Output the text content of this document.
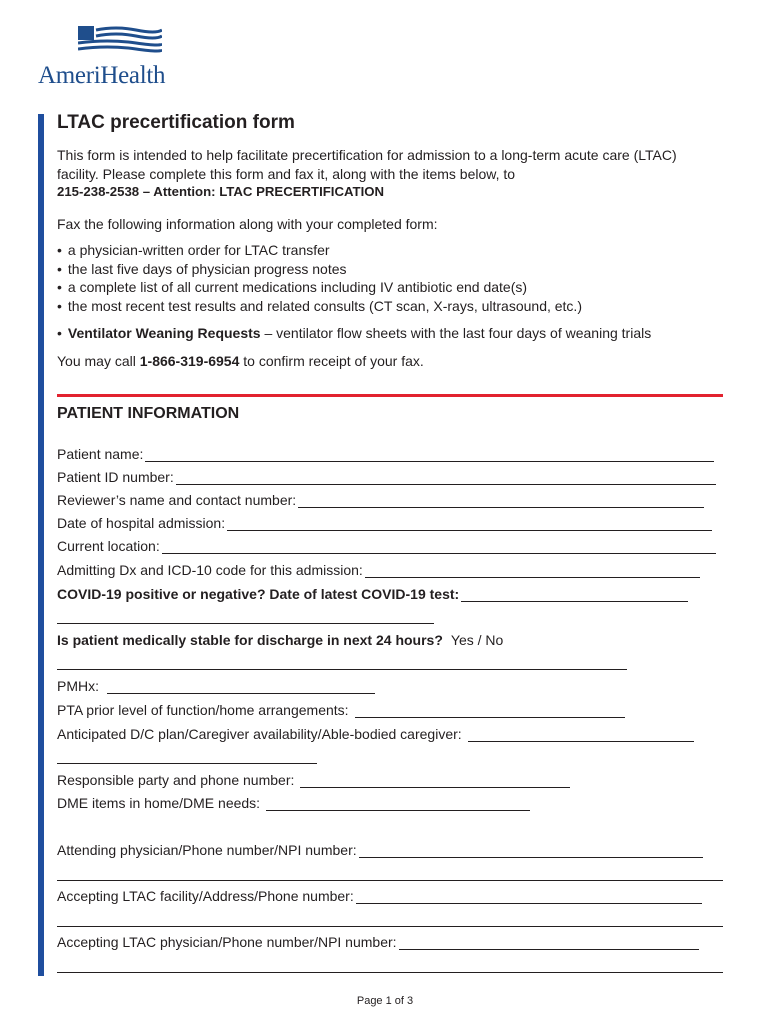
AmeriHealth
LTAC precertification form
This form is intended to help facilitate precertification for admission to a long-term acute care (LTAC)
facility. Please complete this form and fax it, along with the items below, to
215-238-2538 – Attention: LTAC PRECERTIFICATION
Fax the following information along with your completed form:
• a physician-written order for LTAC transfer
• the last five days of physician progress notes
• a complete list of all current medications including IV antibiotic end date(s)
• the most recent test results and related consults (CT scan, X-rays, ultrasound, etc.)
• Ventilator Weaning Requests – ventilator flow sheets with the last four days of weaning trials
You may call 1-866-319-6954 to confirm receipt of your fax.
PATIENT INFORMATION
Patient name:
Patient ID number:
Reviewer’s name and contact number:
Date of hospital admission:
Current location:
Admitting Dx and ICD-10 code for this admission:
COVID-19 positive or negative? Date of latest COVID-19 test:
Is patient medically stable for discharge in next 24 hours? Yes / No
PMHx:
PTA prior level of function/home arrangements:
Anticipated D/C plan/Caregiver availability/Able-bodied caregiver:
Responsible party and phone number:
DME items in home/DME needs:
Attending physician/Phone number/NPI number:
Accepting LTAC facility/Address/Phone number:
Accepting LTAC physician/Phone number/NPI number:
Page 1 of 3
